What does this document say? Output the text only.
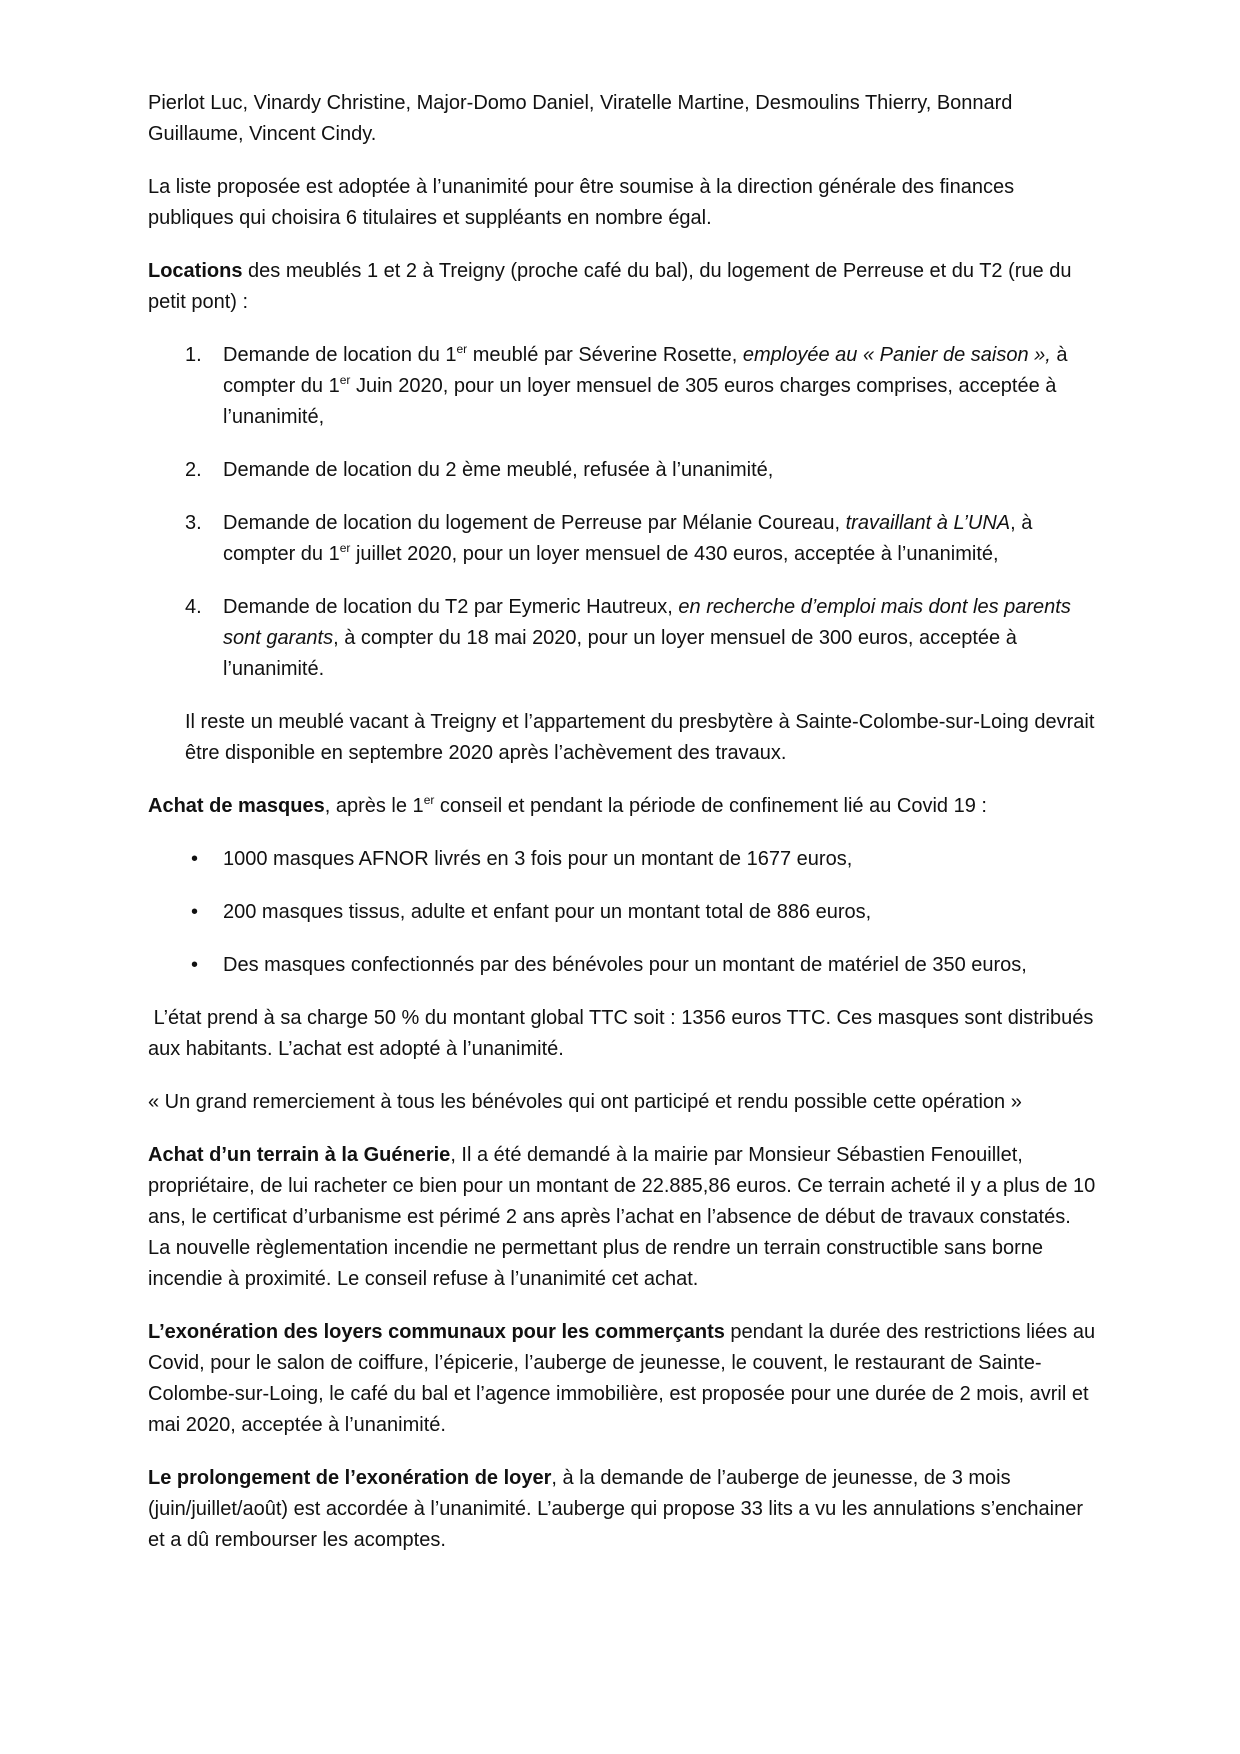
Pierlot Luc, Vinardy Christine, Major-Domo Daniel, Viratelle Martine, Desmoulins Thierry, Bonnard Guillaume, Vincent Cindy.

La liste proposée est adoptée à l’unanimité pour être soumise à la direction générale des finances publiques qui choisira 6 titulaires et suppléants en nombre égal.

Locations des meublés 1 et 2 à Treigny (proche café du bal), du logement de Perreuse et du T2 (rue du petit pont) :

1. Demande de location du 1er meublé par Séverine Rosette, employée au « Panier de saison », à compter du 1er Juin 2020, pour un loyer mensuel de 305 euros charges comprises, acceptée à l’unanimité,
2. Demande de location du 2 ème meublé, refusée à l’unanimité,
3. Demande de location du logement de Perreuse par Mélanie Coureau, travaillant à L’UNA, à compter du 1er juillet 2020, pour un loyer mensuel de 430 euros, acceptée à l’unanimité,
4. Demande de location du T2 par Eymeric Hautreux, en recherche d’emploi mais dont les parents sont garants, à compter du 18 mai 2020, pour un loyer mensuel de 300 euros, acceptée à l’unanimité.

Il reste un meublé vacant à Treigny et l’appartement du presbytère à Sainte-Colombe-sur-Loing devrait être disponible en septembre 2020 après l’achèvement des travaux.

Achat de masques, après le 1er conseil et pendant la période de confinement lié au Covid 19 :

• 1000 masques AFNOR livrés en 3 fois pour un montant de 1677 euros,
• 200 masques tissus, adulte et enfant pour un montant total de 886 euros,
• Des masques confectionnés par des bénévoles pour un montant de matériel de 350 euros,

L’état prend à sa charge 50 % du montant global TTC soit : 1356 euros TTC. Ces masques sont distribués aux habitants. L’achat est adopté à l’unanimité.

« Un grand remerciement à tous les bénévoles qui ont participé et rendu possible cette opération »

Achat d’un terrain à la Guénerie, Il a été demandé à la mairie par Monsieur Sébastien Fenouillet, propriétaire, de lui racheter ce bien pour un montant de 22.885,86 euros. Ce terrain acheté il y a plus de 10 ans, le certificat d’urbanisme est périmé 2 ans après l’achat en l’absence de début de travaux constatés. La nouvelle règlementation incendie ne permettant plus de rendre un terrain constructible sans borne incendie à proximité. Le conseil refuse à l’unanimité cet achat.

L’exonération des loyers communaux pour les commerçants pendant la durée des restrictions liées au Covid, pour le salon de coiffure, l’épicerie, l’auberge de jeunesse, le couvent, le restaurant de Sainte-Colombe-sur-Loing, le café du bal et l’agence immobilière, est proposée pour une durée de 2 mois, avril et mai 2020, acceptée à l’unanimité.

Le prolongement de l’exonération de loyer, à la demande de l’auberge de jeunesse, de 3 mois (juin/juillet/août) est accordée à l’unanimité. L’auberge qui propose 33 lits a vu les annulations s’enchainer et a dû rembourser les acomptes.
